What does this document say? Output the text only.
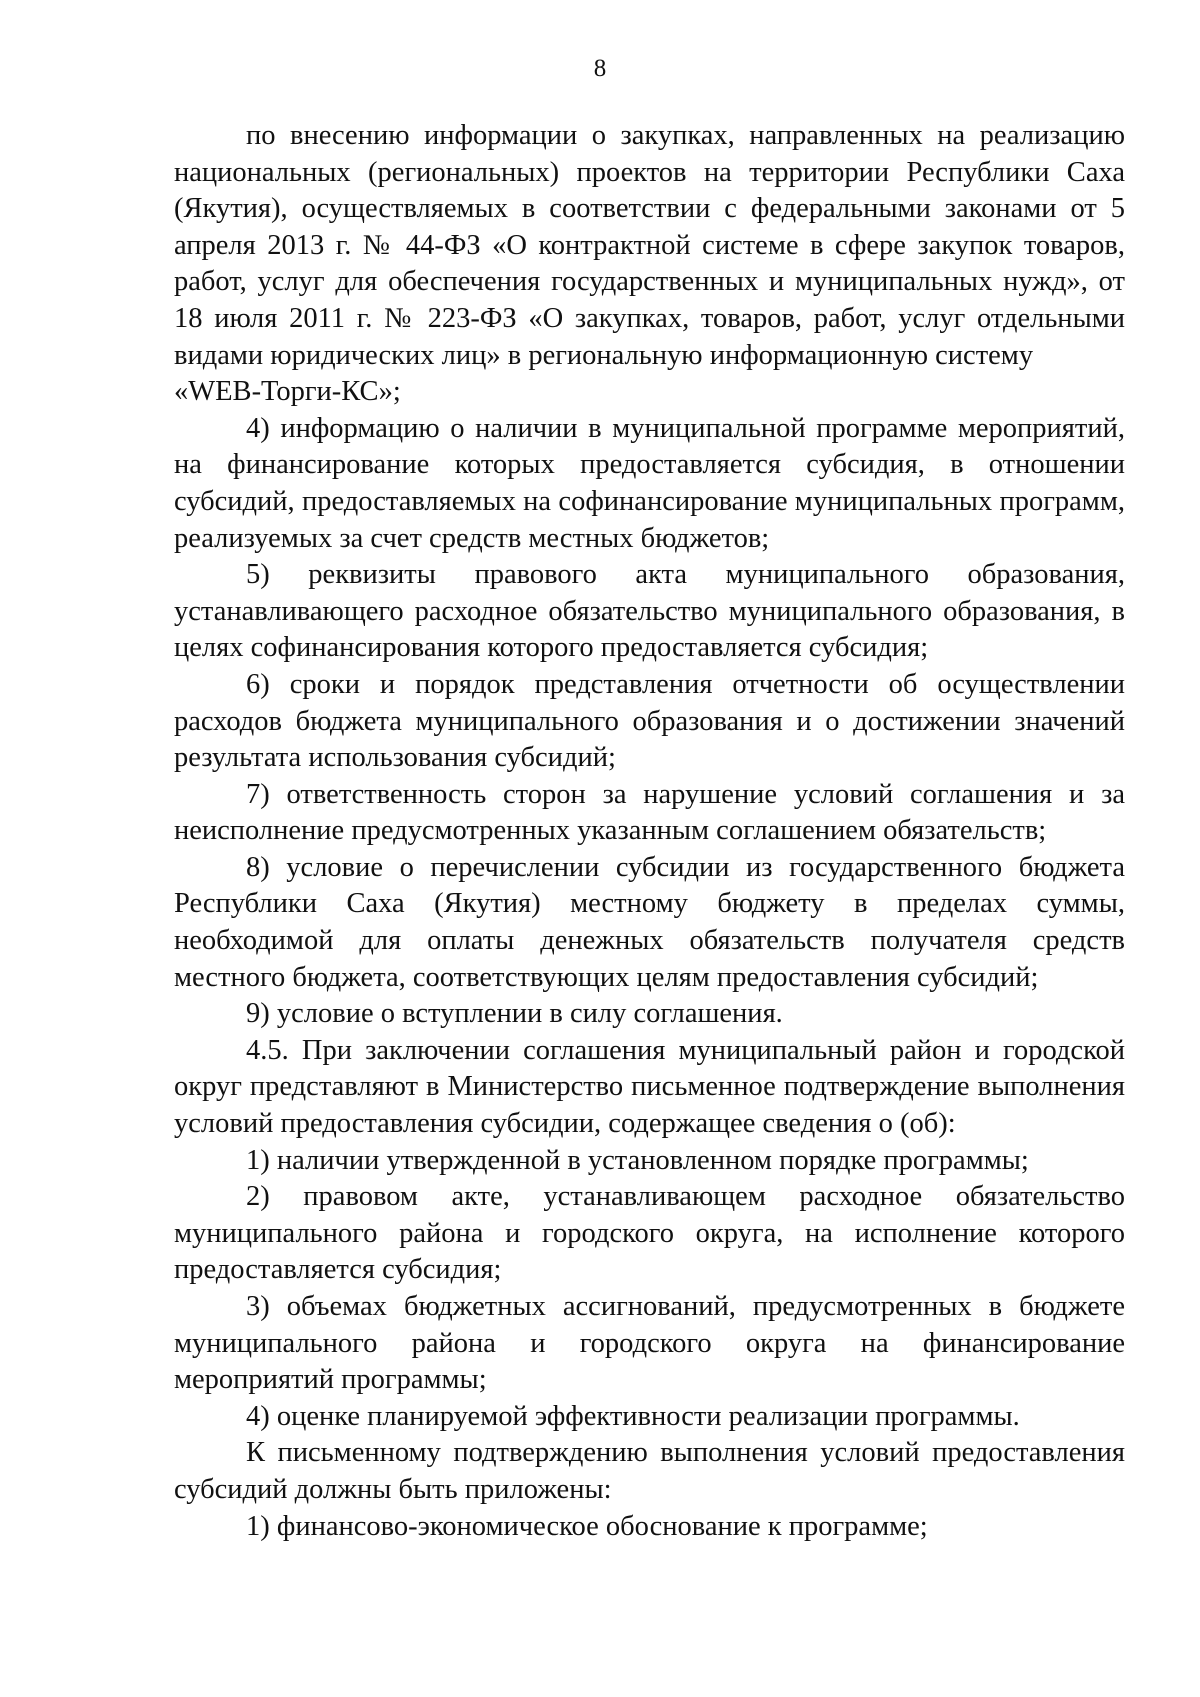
8

по внесению информации о закупках, направленных на реализацию национальных (региональных) проектов на территории Республики Саха (Якутия), осуществляемых в соответствии с федеральными законами от 5 апреля 2013 г. № 44-ФЗ «О контрактной системе в сфере закупок товаров, работ, услуг для обеспечения государственных и муниципальных нужд», от 18 июля 2011 г. № 223-ФЗ «О закупках, товаров, работ, услуг отдельными видами юридических лиц» в региональную информационную систему

«WEB-Торги-КС»;

4) информацию о наличии в муниципальной программе мероприятий, на финансирование которых предоставляется субсидия, в отношении субсидий, предоставляемых на софинансирование муниципальных программ, реализуемых за счет средств местных бюджетов;

5) реквизиты правового акта муниципального образования, устанавливающего расходное обязательство муниципального образования, в целях софинансирования которого предоставляется субсидия;

6) сроки и порядок представления отчетности об осуществлении расходов бюджета муниципального образования и о достижении значений результата использования субсидий;

7) ответственность сторон за нарушение условий соглашения и за неисполнение предусмотренных указанным соглашением обязательств;

8) условие о перечислении субсидии из государственного бюджета Республики Саха (Якутия) местному бюджету в пределах суммы, необходимой для оплаты денежных обязательств получателя средств местного бюджета, соответствующих целям предоставления субсидий;

9) условие о вступлении в силу соглашения.

4.5. При заключении соглашения муниципальный район и городской округ представляют в Министерство письменное подтверждение выполнения условий предоставления субсидии, содержащее сведения о (об):

1) наличии утвержденной в установленном порядке программы;

2) правовом акте, устанавливающем расходное обязательство муниципального района и городского округа, на исполнение которого предоставляется субсидия;

3) объемах бюджетных ассигнований, предусмотренных в бюджете муниципального района и городского округа на финансирование мероприятий программы;

4) оценке планируемой эффективности реализации программы.

К письменному подтверждению выполнения условий предоставления субсидий должны быть приложены:

1) финансово-экономическое обоснование к программе;
